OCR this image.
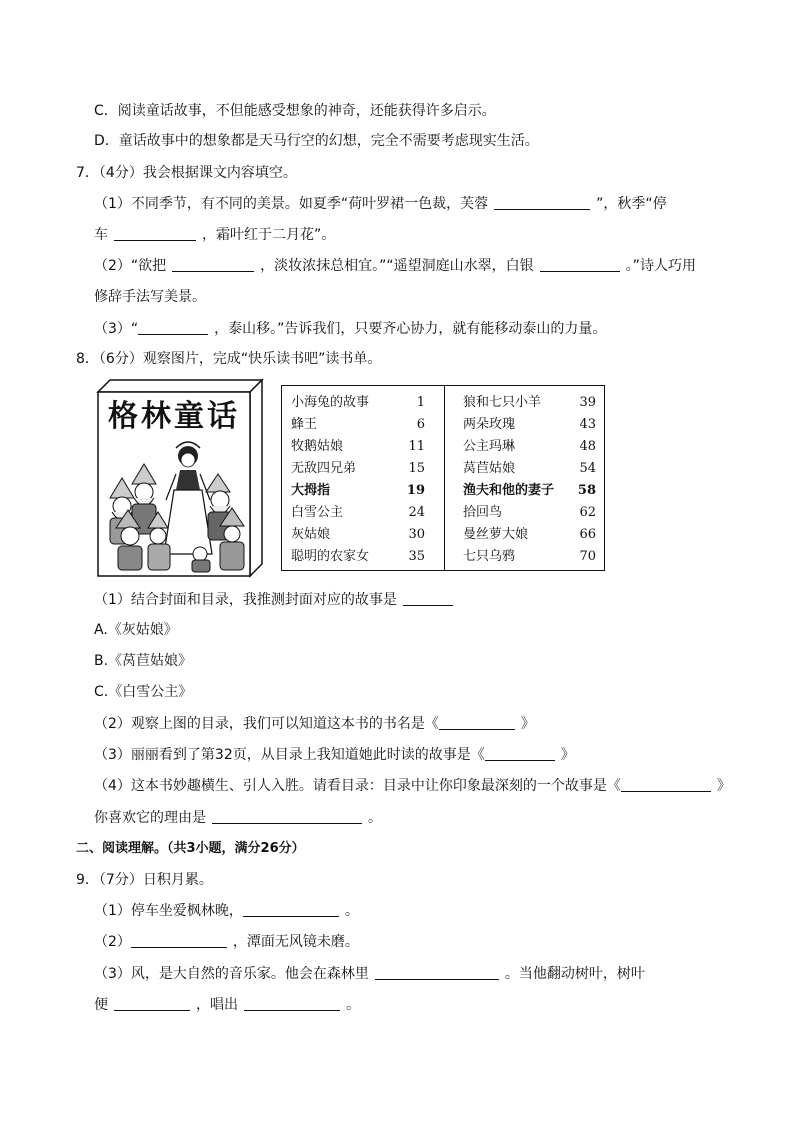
C．阅读童话故事，不但能感受想象的神奇，还能获得许多启示。
D．童话故事中的想象都是天马行空的幻想，完全不需要考虑现实生活。
7．（4分）我会根据课文内容填空。
（1）不同季节，有不同的美景。如夏季“荷叶罗裙一色裁，芙蓉	”，秋季“停
车	，霜叶红于二月花”。
（2）“欲把	，淡妆浓抹总相宜。”“遥望洞庭山水翠，白银	。”诗人巧用
修辞手法写美景。
（3）“	，泰山移。”告诉我们，只要齐心协力，就有能移动泰山的力量。
8．（6分）观察图片，完成“快乐读书吧”读书单。
格林童话	小海兔的故事	1
蜂王	6
牧鹅姑娘	11
无敌四兄弟	15
大拇指	19
白雪公主	24
灰姑娘	30
聪明的农家女	35
狼和七只小羊	39
两朵玫瑰	43
公主玛琳	48
莴苣姑娘	54
渔夫和他的妻子	58
拾回鸟	62
曼丝萝大娘	66
七只乌鸦	70
（1）结合封面和目录，我推测封面对应的故事是
A.《灰姑娘》
B.《莴苣姑娘》
C.《白雪公主》
（2）观察上图的目录，我们可以知道这本书的书名是《	》
（3）丽丽看到了第32页，从目录上我知道她此时读的故事是《	》
（4）这本书妙趣横生、引人入胜。请看目录：目录中让你印象最深刻的一个故事是《	》
你喜欢它的理由是	。
二、阅读理解。（共3小题，满分26分）
9．（7分）日积月累。
（1）停车坐爱枫林晚，	。
（2）	，潭面无风镜未磨。
（3）风，是大自然的音乐家。他会在森林里	。当他翻动树叶，树叶
便	，唱出	。
